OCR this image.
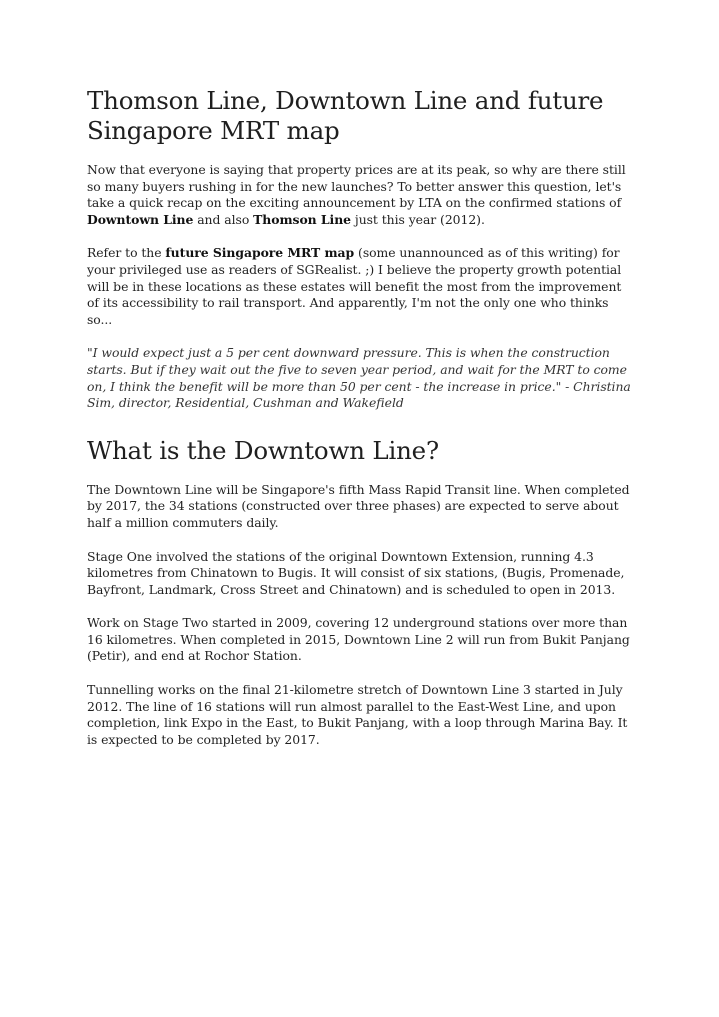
Thomson Line, Downtown Line and future Singapore MRT map

Now that everyone is saying that property prices are at its peak, so why are there still so many buyers rushing in for the new launches? To better answer this question, let's take a quick recap on the exciting announcement by LTA on the confirmed stations of Downtown Line and also Thomson Line just this year (2012).

Refer to the future Singapore MRT map (some unannounced as of this writing) for your privileged use as readers of SGRealist. ;) I believe the property growth potential will be in these locations as these estates will benefit the most from the improvement of its accessibility to rail transport. And apparently, I'm not the only one who thinks so...

"I would expect just a 5 per cent downward pressure. This is when the construction starts. But if they wait out the five to seven year period, and wait for the MRT to come on, I think the benefit will be more than 50 per cent - the increase in price." - Christina Sim, director, Residential, Cushman and Wakefield

What is the Downtown Line?

The Downtown Line will be Singapore's fifth Mass Rapid Transit line. When completed by 2017, the 34 stations (constructed over three phases) are expected to serve about half a million commuters daily.

Stage One involved the stations of the original Downtown Extension, running 4.3 kilometres from Chinatown to Bugis. It will consist of six stations, (Bugis, Promenade, Bayfront, Landmark, Cross Street and Chinatown) and is scheduled to open in 2013.

Work on Stage Two started in 2009, covering 12 underground stations over more than 16 kilometres. When completed in 2015, Downtown Line 2 will run from Bukit Panjang (Petir), and end at Rochor Station.

Tunnelling works on the final 21-kilometre stretch of Downtown Line 3 started in July 2012. The line of 16 stations will run almost parallel to the East-West Line, and upon completion, link Expo in the East, to Bukit Panjang, with a loop through Marina Bay. It is expected to be completed by 2017.
